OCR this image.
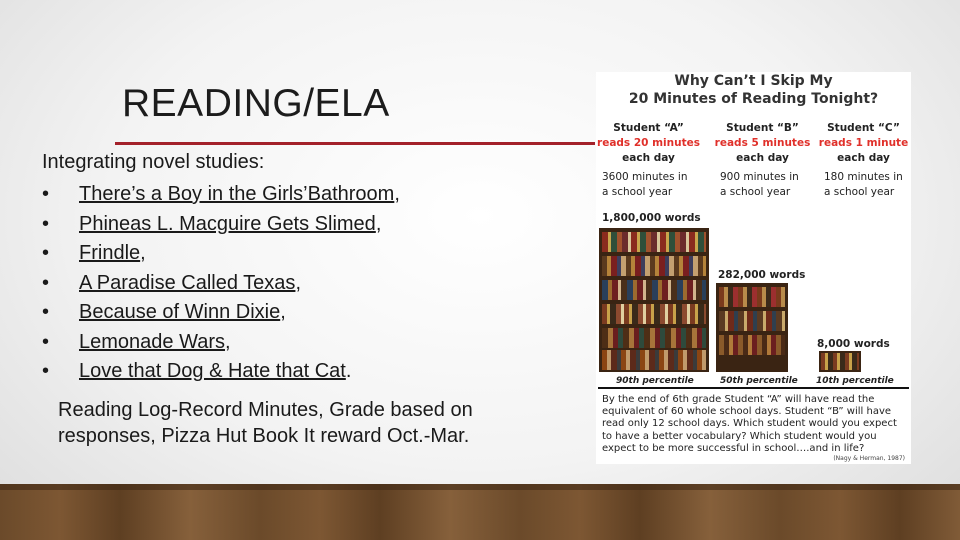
READING/ELA
Integrating novel studies:
• There’s a Boy in the Girls’Bathroom,
• Phineas L. Macguire Gets Slimed,
• Frindle,
• A Paradise Called Texas,
• Because of Winn Dixie,
• Lemonade Wars,
• Love that Dog & Hate that Cat.
Reading Log-Record Minutes, Grade based on responses, Pizza Hut Book It reward Oct.-Mar.
Why Can’t I Skip My
20 Minutes of Reading Tonight?
Student “A”
reads 20 minutes
each day
Student “B”
reads 5 minutes
each day
Student “C”
reads 1 minute
each day
3600 minutes in
a school year
900 minutes in
a school year
180 minutes in
a school year
1,800,000 words
282,000 words
8,000 words
90th percentile	50th percentile 10th percentile
By the end of 6th grade Student “A” will have read the equivalent of 60 whole school days. Student “B” will have read only 12 school days. Which student would you expect to have a better vocabulary? Which student would you expect to be more successful in school….and in life?
(Nagy & Herman, 1987)
